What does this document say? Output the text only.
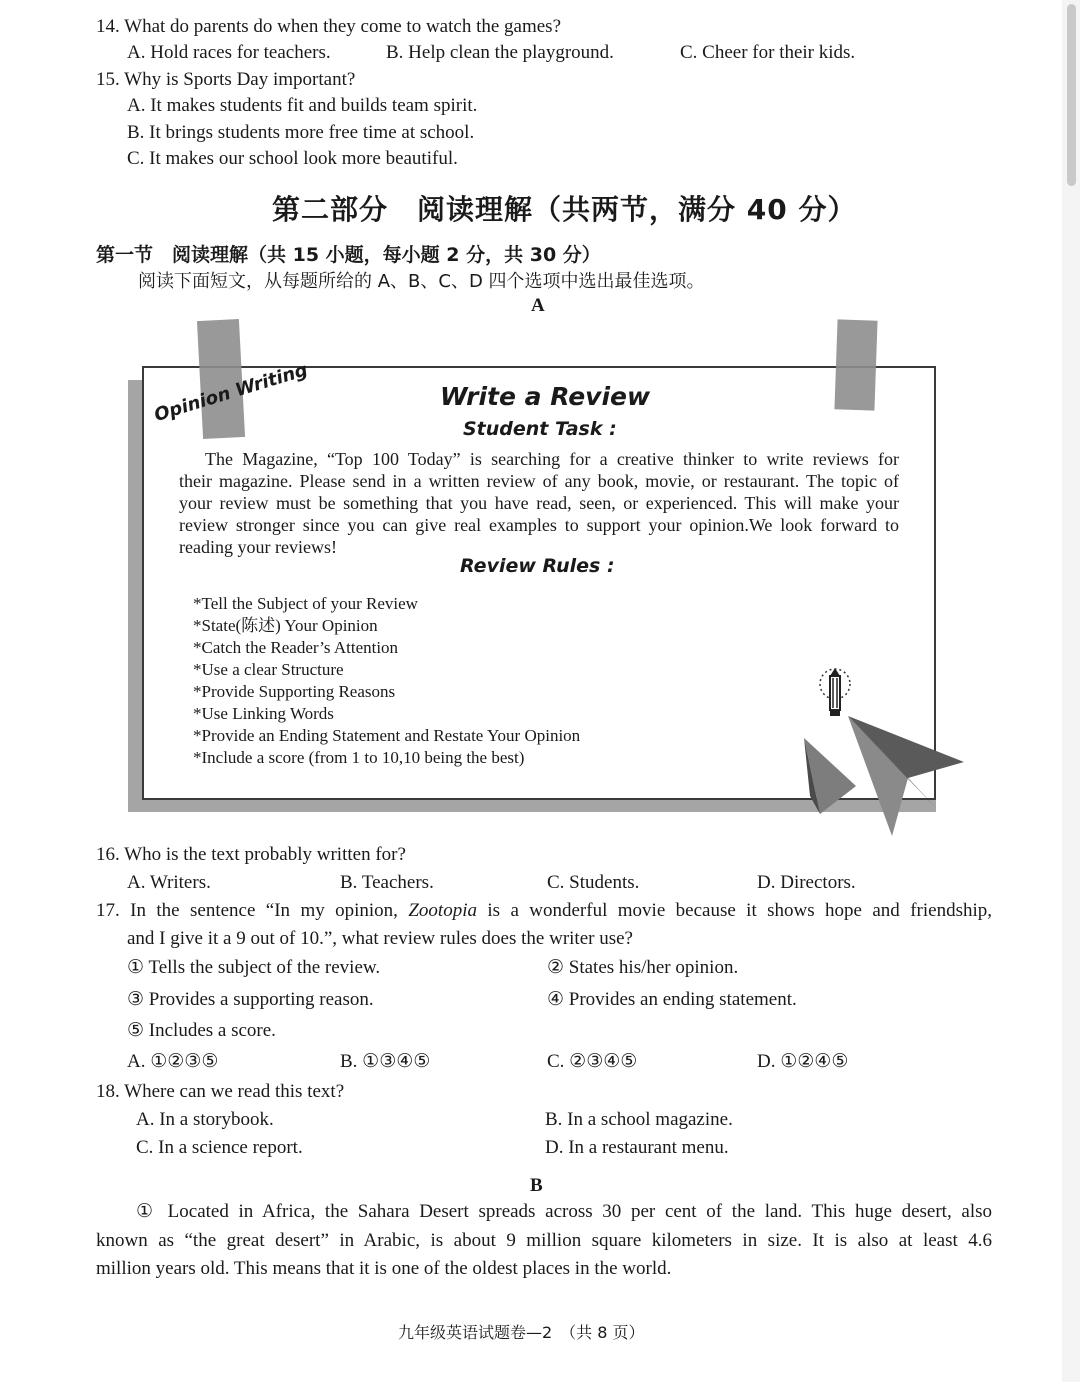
14. What do parents do when they come to watch the games?
A. Hold races for teachers.	B. Help clean the playground.	C. Cheer for their kids.
15. Why is Sports Day important?
A. It makes students fit and builds team spirit.
B. It brings students more free time at school.
C. It makes our school look more beautiful.
第二部分　阅读理解（共两节，满分 40 分）
第一节　阅读理解（共 15 小题，每小题 2 分，共 30 分）
阅读下面短文，从每题所给的 A、B、C、D 四个选项中选出最佳选项。
A
Opinion Writing	Write a Review
Student Task :
The Magazine, “Top 100 Today” is searching for a creative thinker to write reviews for
their magazine. Please send in a written review of any book, movie, or restaurant. The topic of
your review must be something that you have read, seen, or experienced. This will make your
review stronger since you can give real examples to support your opinion.We look forward to
reading your reviews!
Review Rules :
*Tell the Subject of your Review
*State(陈述) Your Opinion
*Catch the Reader’s Attention
*Use a clear Structure
*Provide Supporting Reasons
*Use Linking Words
*Provide an Ending Statement and Restate Your Opinion
*Include a score (from 1 to 10,10 being the best)
16. Who is the text probably written for?
A. Writers.	B. Teachers.	C. Students.	D. Directors.
17. In the sentence “In my opinion, Zootopia is a wonderful movie because it shows hope and friendship,
and I give it a 9 out of 10.”, what review rules does the writer use?
① Tells the subject of the review.	② States his/her opinion.
③ Provides a supporting reason.	④ Provides an ending statement.
⑤ Includes a score.
A. ①②③⑤	B. ①③④⑤	C. ②③④⑤	D. ①②④⑤
18. Where can we read this text?
A. In a storybook.	B. In a school magazine.
C. In a science report.	D. In a restaurant menu.
B
① Located in Africa, the Sahara Desert spreads across 30 per cent of the land. This huge desert, also
known as “the great desert” in Arabic, is about 9 million square kilometers in size. It is also at least 4.6
million years old. This means that it is one of the oldest places in the world.
九年级英语试题卷—2　（共 8 页）
